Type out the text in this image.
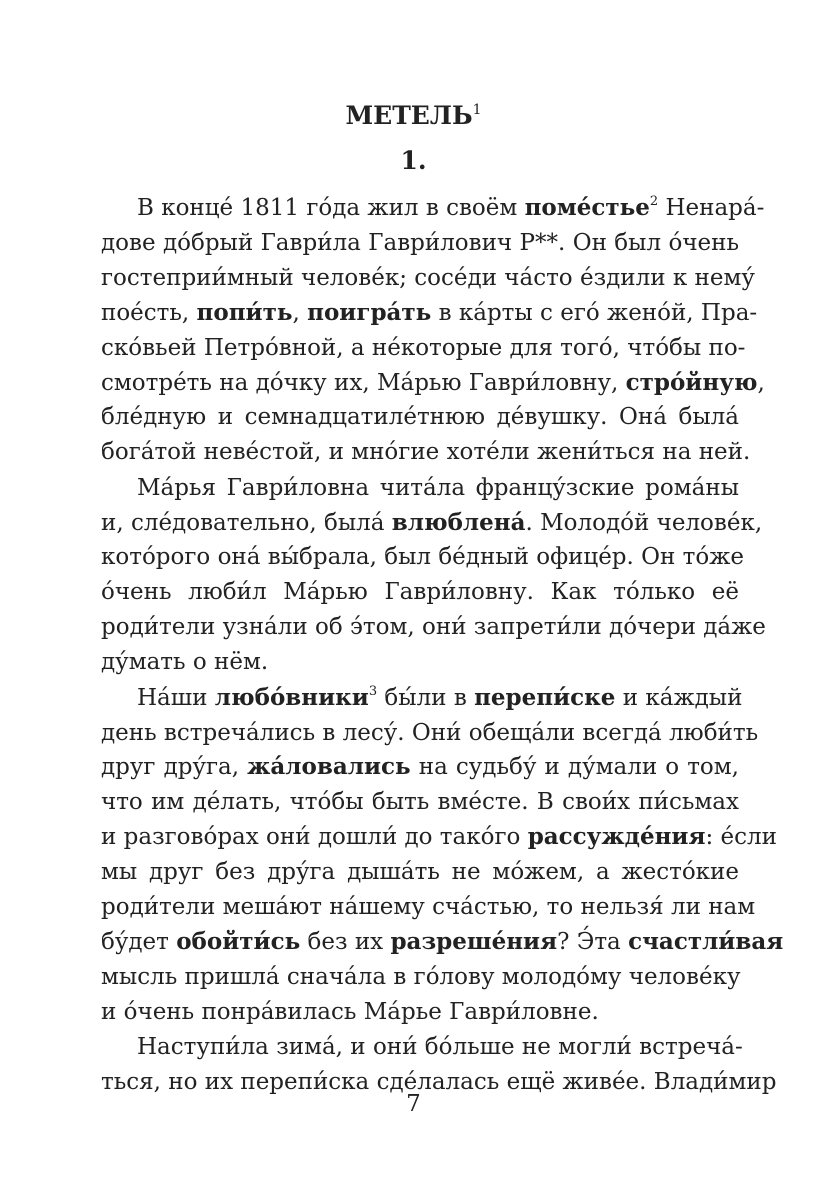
МЕТЕЛЬ$^1$
1.
В конце́ 1811 го́да жил в своём поме́стье$^2$ Ненара́-
дове до́брый Гаври́ла Гаври́лович Р**. Он был о́чень
гостеприи́мный челове́к; сосе́ди ча́сто е́здили к нему́
пое́сть, попи́ть, поигра́ть в ка́рты с его́ жено́й, Пра-
ско́вьей Петро́вной, а не́которые для того́, что́бы по-
смотре́ть на до́чку их, Ма́рью Гаври́ловну, стро́йную,
бле́дную и семнадцатиле́тнюю де́вушку. Она́ была́
бога́той неве́стой, и мно́гие хоте́ли жени́ться на ней.
Ма́рья Гаври́ловна чита́ла францу́зские рома́ны
и, сле́довательно, была́ влюблена́. Молодо́й челове́к,
кото́рого она́ вы́брала, был бе́дный офице́р. Он то́же
о́чень люби́л Ма́рью Гаври́ловну. Как то́лько её
роди́тели узна́ли об э́том, они́ запрети́ли до́чери да́же
ду́мать о нём.
На́ши любо́вники$^3$ бы́ли в перепи́ске и ка́ждый
день встреча́лись в лесу́. Они́ обеща́ли всегда́ люби́ть
друг дру́га, жа́ловались на судьбу́ и ду́мали о том,
что им де́лать, что́бы быть вме́сте. В свои́х пи́сьмах
и разгово́рах они́ дошли́ до тако́го рассужде́ния: е́сли
мы друг без дру́га дыша́ть не мо́жем, а жесто́кие
роди́тели меша́ют на́шему сча́стью, то нельзя́ ли нам
бу́дет обойти́сь без их разреше́ния? Э́та счастли́вая
мысль пришла́ снача́ла в го́лову молодо́му челове́ку
и о́чень понра́вилась Ма́рье Гаври́ловне.
Наступи́ла зима́, и они́ бо́льше не могли́ встреча́-
ться, но их перепи́ска сде́лалась ещё живе́е. Влади́мир
7
